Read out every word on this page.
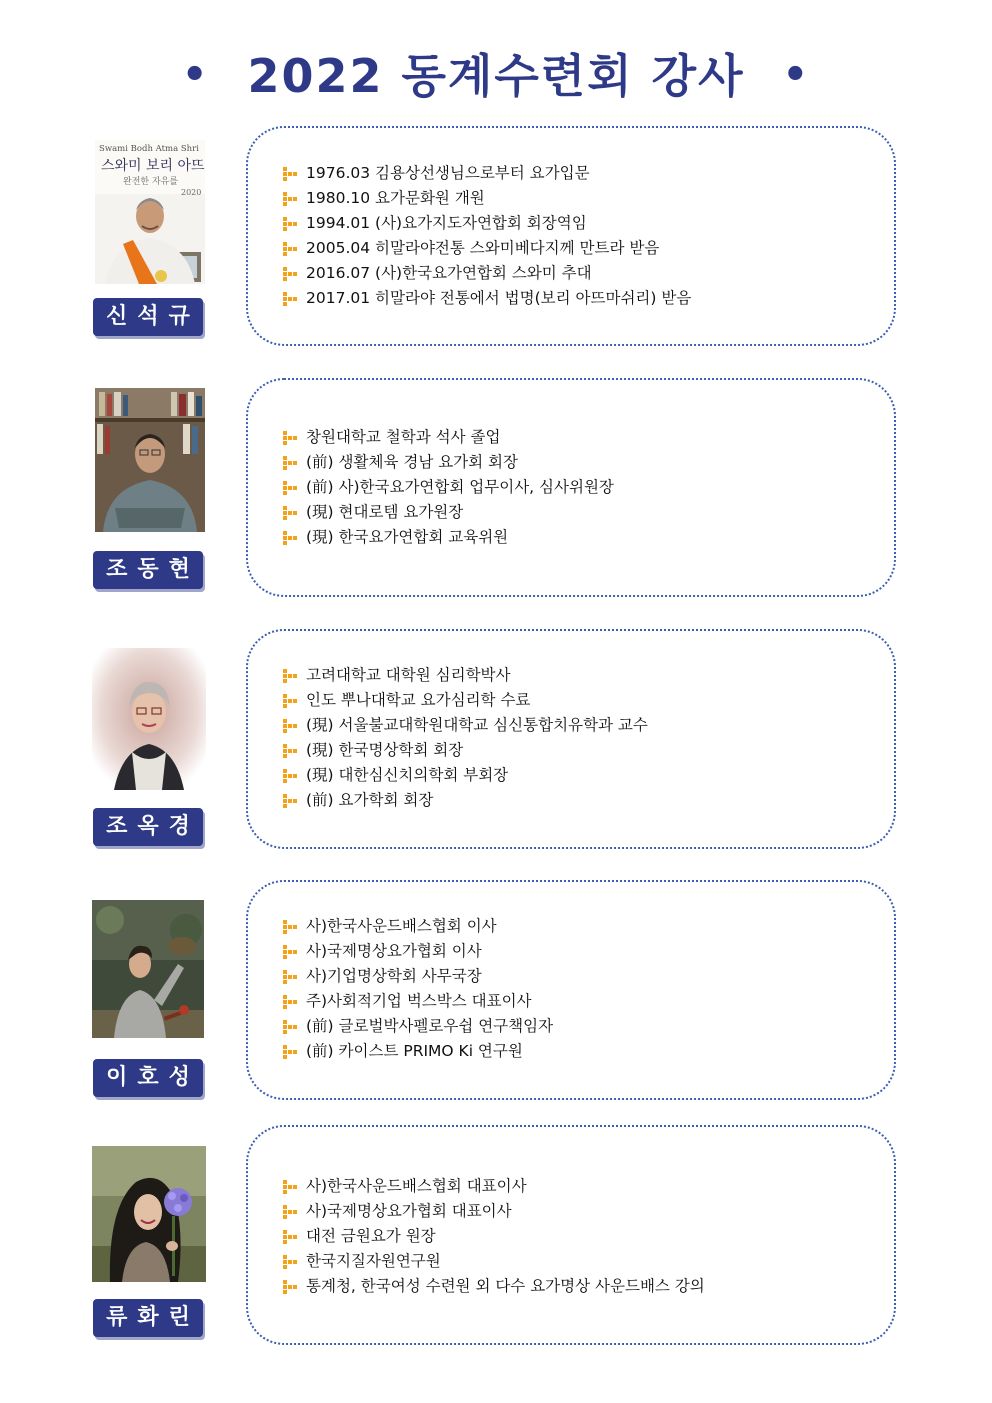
• 2022 동계수련회 강사 •
Swami Bodh Atma Shri
스와미 보리 아뜨
완전한 자유를
2020
신석규
1976.03 김용상선생님으로부터 요가입문
1980.10 요가문화원 개원
1994.01 (사)요가지도자연합회 회장역임
2005.04 히말라야전통 스와미베다지께 만트라 받음
2016.07 (사)한국요가연합회 스와미 추대
2017.01 히말라야 전통에서 법명(보리 아뜨마쉬리) 받음
조동현
창원대학교 철학과 석사 졸업
(前) 생활체육 경남 요가회 회장
(前) 사)한국요가연합회 업무이사, 심사위원장
(現) 현대로템 요가원장
(現) 한국요가연합회 교육위원
조옥경
고려대학교 대학원 심리학박사
인도 뿌나대학교 요가심리학 수료
(現) 서울불교대학원대학교 심신통합치유학과 교수
(現) 한국명상학회 회장
(現) 대한심신치의학회 부회장
(前) 요가학회 회장
이호성
사)한국사운드배스협회 이사
사)국제명상요가협회 이사
사)기업명상학회 사무국장
주)사회적기업 벅스박스 대표이사
(前) 글로벌박사펠로우쉽 연구책임자
(前) 카이스트 PRIMO Ki 연구원
류화린
사)한국사운드배스협회 대표이사
사)국제명상요가협회 대표이사
대전 금원요가 원장
한국지질자원연구원
통계청, 한국여성 수련원 외 다수 요가명상 사운드배스 강의
